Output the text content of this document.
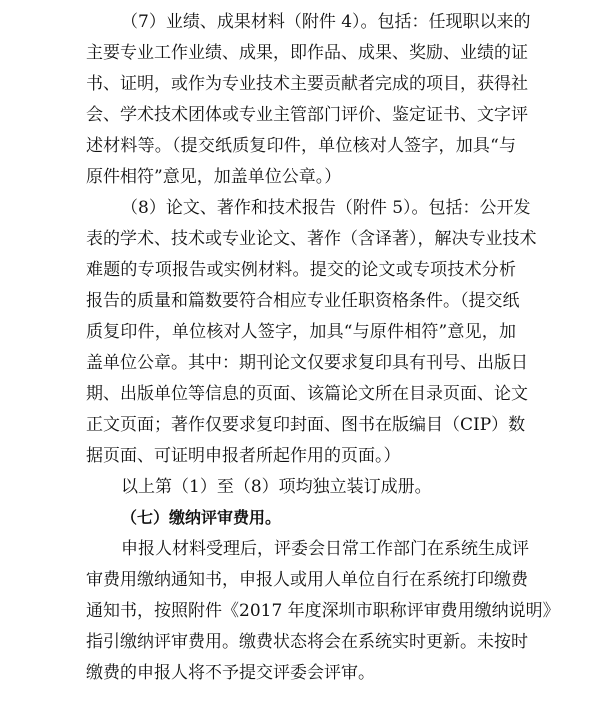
（7）业绩、成果材料（附件 4）。包括：任现职以来的
主要专业工作业绩、成果，即作品、成果、奖励、业绩的证
书、证明，或作为专业技术主要贡献者完成的项目，获得社
会、学术技术团体或专业主管部门评价、鉴定证书、文字评
述材料等。（提交纸质复印件，单位核对人签字，加具“与
原件相符”意见，加盖单位公章。）
（8）论文、著作和技术报告（附件 5）。包括：公开发
表的学术、技术或专业论文、著作（含译著），解决专业技术
难题的专项报告或实例材料。提交的论文或专项技术分析
报告的质量和篇数要符合相应专业任职资格条件。（提交纸
质复印件，单位核对人签字，加具“与原件相符”意见，加
盖单位公章。其中：期刊论文仅要求复印具有刊号、出版日
期、出版单位等信息的页面、该篇论文所在目录页面、论文
正文页面；著作仅要求复印封面、图书在版编目（CIP）数
据页面、可证明申报者所起作用的页面。）
以上第（1）至（8）项均独立装订成册。
（七）缴纳评审费用。
申报人材料受理后，评委会日常工作部门在系统生成评
审费用缴纳通知书，申报人或用人单位自行在系统打印缴费
通知书，按照附件《2017 年度深圳市职称评审费用缴纳说明》
指引缴纳评审费用。缴费状态将会在系统实时更新。未按时
缴费的申报人将不予提交评委会评审。
